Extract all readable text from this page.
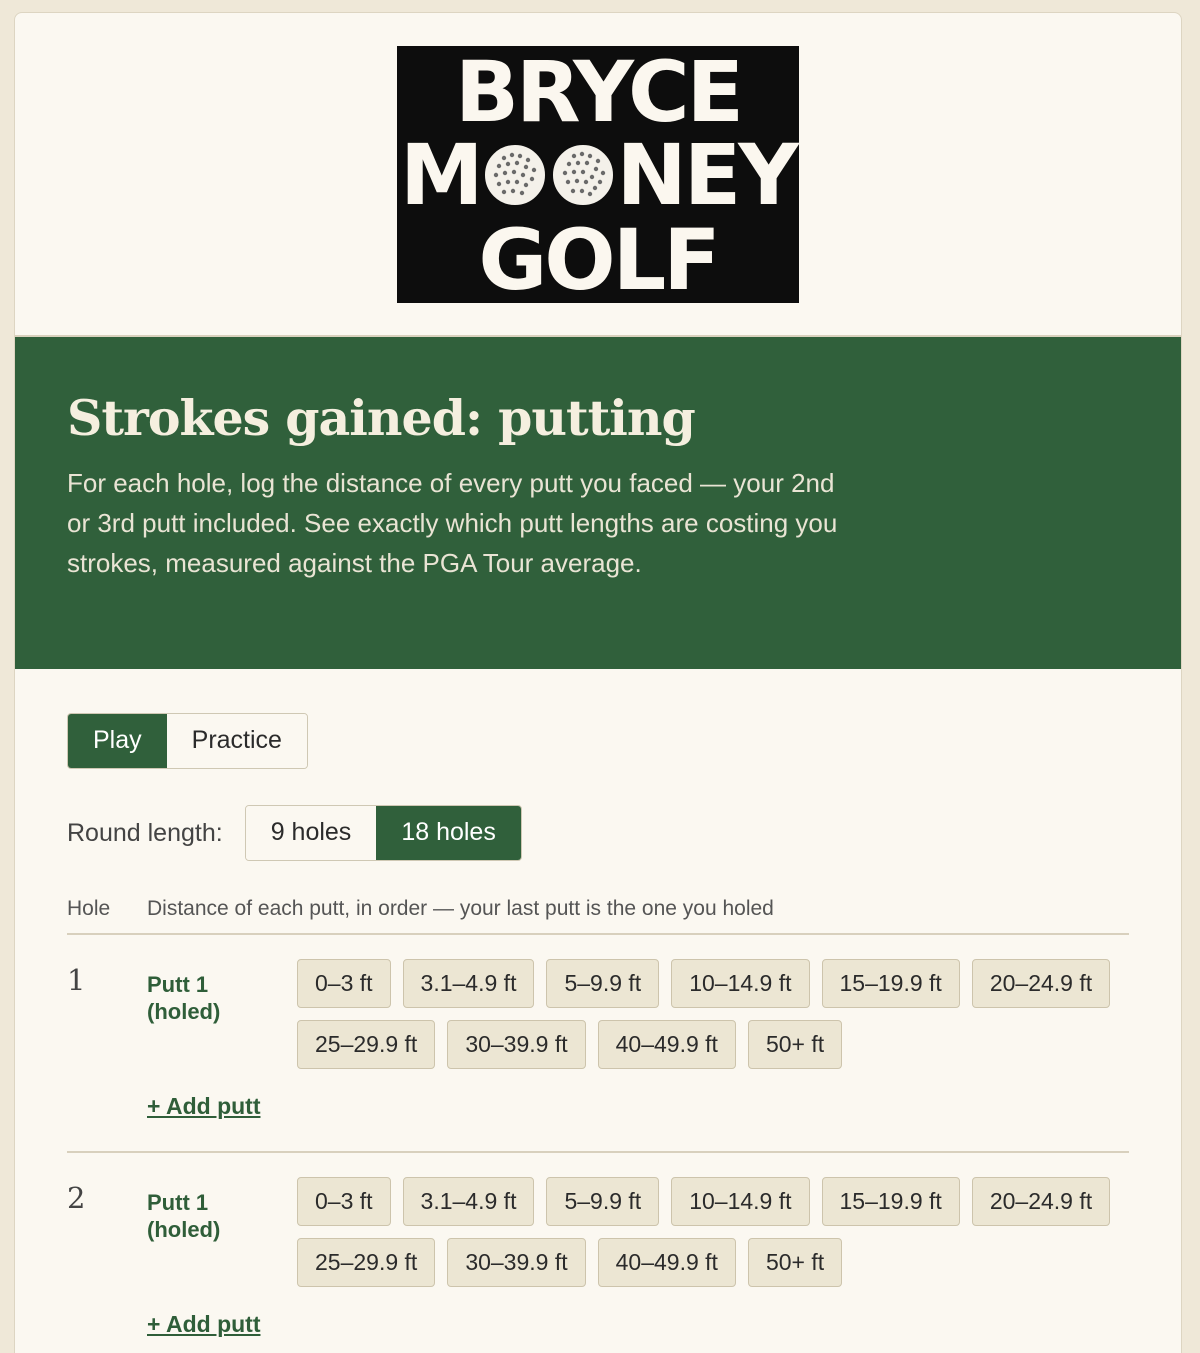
BRYCE
M NEY
GOLF
Strokes gained: putting

For each hole, log the distance of every putt you faced — your 2nd or 3rd putt included. See exactly which putt lengths are costing you strokes, measured against the PGA Tour average.

Play	Practice
Round length:	9 holes	18 holes
Hole	Distance of each putt, in order — your last putt is the one you holed
1	Putt 1
(holed)
0–3 ft	3.1–4.9 ft	5–9.9 ft	10–14.9 ft	15–19.9 ft	20–24.9 ft
25–29.9 ft	30–39.9 ft	40–49.9 ft	50+ ft
+ Add putt
2	Putt 1
(holed)
0–3 ft	3.1–4.9 ft	5–9.9 ft	10–14.9 ft	15–19.9 ft	20–24.9 ft
25–29.9 ft	30–39.9 ft	40–49.9 ft	50+ ft
+ Add putt
